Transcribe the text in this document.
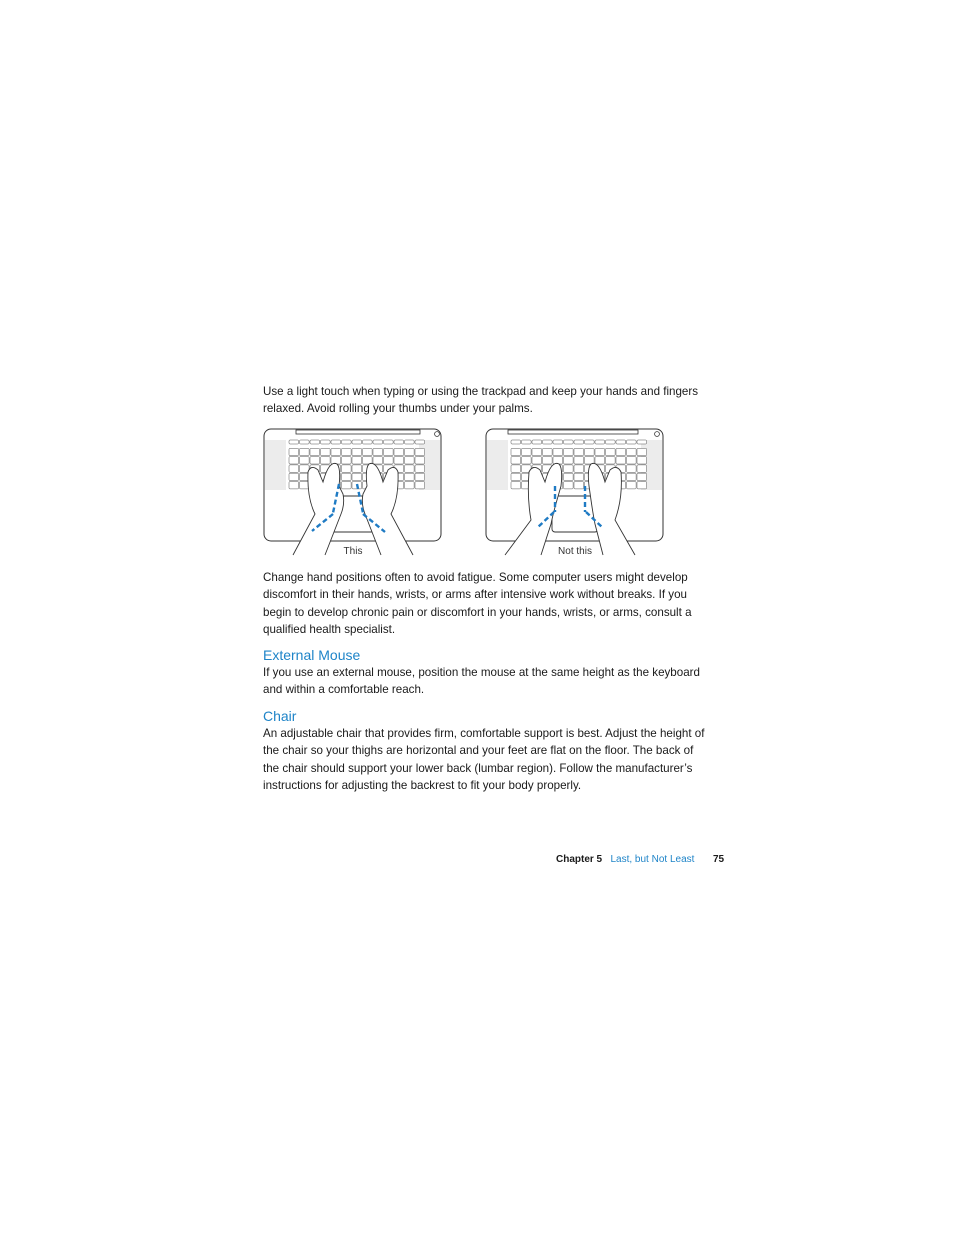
Use a light touch when typing or using the trackpad and keep your hands and fingers relaxed. Avoid rolling your thumbs under your palms.

This	Not this

Change hand positions often to avoid fatigue. Some computer users might develop discomfort in their hands, wrists, or arms after intensive work without breaks. If you begin to develop chronic pain or discomfort in your hands, wrists, or arms, consult a qualified health specialist.

External Mouse

If you use an external mouse, position the mouse at the same height as the keyboard and within a comfortable reach.

Chair

An adjustable chair that provides firm, comfortable support is best. Adjust the height of the chair so your thighs are horizontal and your feet are flat on the floor. The back of the chair should support your lower back (lumbar region). Follow the manufacturer’s instructions for adjusting the backrest to fit your body properly.

Chapter 5 Last, but Not Least 75
